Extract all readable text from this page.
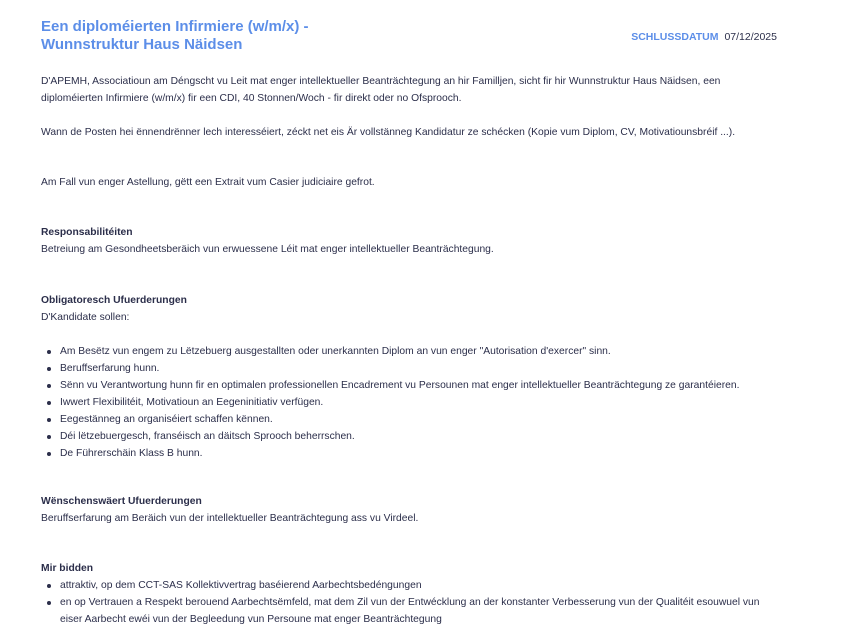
Een diploméierten Infirmiere (w/m/x) - Wunnstruktur Haus Näidsen	SCHLUSSDATUM 07/12/2025

D'APEMH, Associatioun am Déngscht vu Leit mat enger intellektueller Beanträchtegung an hir Familljen, sicht fir hir Wunnstruktur Haus Näidsen, een diploméierten Infirmiere (w/m/x) fir een CDI, 40 Stonnen/Woch - fir direkt oder no Ofsprooch.

Wann de Posten hei ënnendrënner lech interesséiert, zéckt net eis Är vollstänneg Kandidatur ze schécken (Kopie vum Diplom, CV, Motivatiounsbréif ...).

Am Fall vun enger Astellung, gëtt een Extrait vum Casier judiciaire gefrot.

Responsabilitéiten

Betreiung am Gesondheetsberäich vun erwuessene Léit mat enger intellektueller Beanträchtegung.

Obligatoresch Ufuerderungen

D'Kandidate sollen:

Am Besëtz vun engem zu Lëtzebuerg ausgestallten oder unerkannten Diplom an vun enger "Autorisation d'exercer" sinn.
Beruffserfarung hunn.
Sënn vu Verantwortung hunn fir en optimalen professionellen Encadrement vu Persounen mat enger intellektueller Beanträchtegung ze garantéieren.
Iwwert Flexibilitéit, Motivatioun an Eegeninitiativ verfügen.
Eegestänneg an organiséiert schaffen kënnen.
Déi lëtzebuergesch, franséisch an däitsch Sprooch beherrschen.
De Führerschäin Klass B hunn.
Wënschenswäert Ufuerderungen

Beruffserfarung am Beräich vun der intellektueller Beanträchtegung ass vu Virdeel.

Mir bidden
attraktiv, op dem CCT-SAS Kollektivvertrag baséierend Aarbechtsbedéngungen
en op Vertrauen a Respekt berouend Aarbechtsëmfeld, mat dem Zil vun der Entwécklung an der konstanter Verbesserung vun der Qualitéit esouwuel vun eiser Aarbecht ewéi vun der Begleedung vun Persoune mat enger Beanträchtegung
